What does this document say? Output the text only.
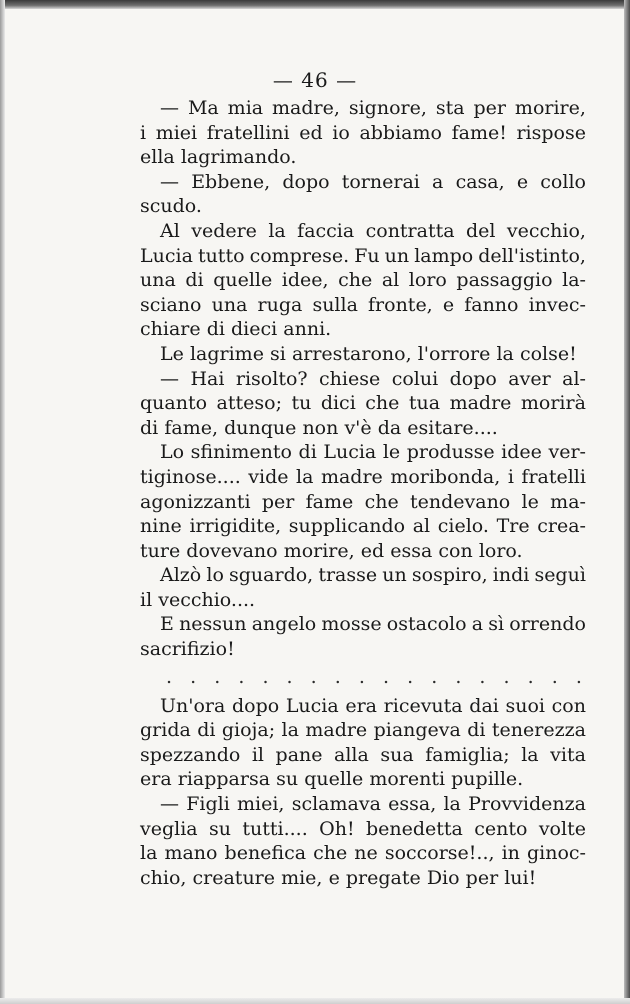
— 46 —
— Ma mia madre, signore, sta per morire,
i miei fratellini ed io abbiamo fame! rispose
ella lagrimando.
— Ebbene, dopo tornerai a casa, e collo
scudo.
Al vedere la faccia contratta del vecchio,
Lucia tutto comprese. Fu un lampo dell'istinto,
una di quelle idee, che al loro passaggio la-
sciano una ruga sulla fronte, e fanno invec-
chiare di dieci anni.
Le lagrime si arrestarono, l'orrore la colse!
— Hai risolto? chiese colui dopo aver al-
quanto atteso; tu dici che tua madre morirà
di fame, dunque non v'è da esitare....
Lo sfinimento di Lucia le produsse idee ver-
tiginose.... vide la madre moribonda, i fratelli
agonizzanti per fame che tendevano le ma-
nine irrigidite, supplicando al cielo. Tre crea-
ture dovevano morire, ed essa con loro.
Alzò lo sguardo, trasse un sospiro, indi seguì
il vecchio....
E nessun angelo mosse ostacolo a sì orrendo
sacrifizio!
. . . . . . . . . . . . . . . . . .
Un'ora dopo Lucia era ricevuta dai suoi con
grida di gioja; la madre piangeva di tenerezza
spezzando il pane alla sua famiglia; la vita
era riapparsa su quelle morenti pupille.
— Figli miei, sclamava essa, la Provvidenza
veglia su tutti.... Oh! benedetta cento volte
la mano benefica che ne soccorse!.., in ginoc-
chio, creature mie, e pregate Dio per lui!
